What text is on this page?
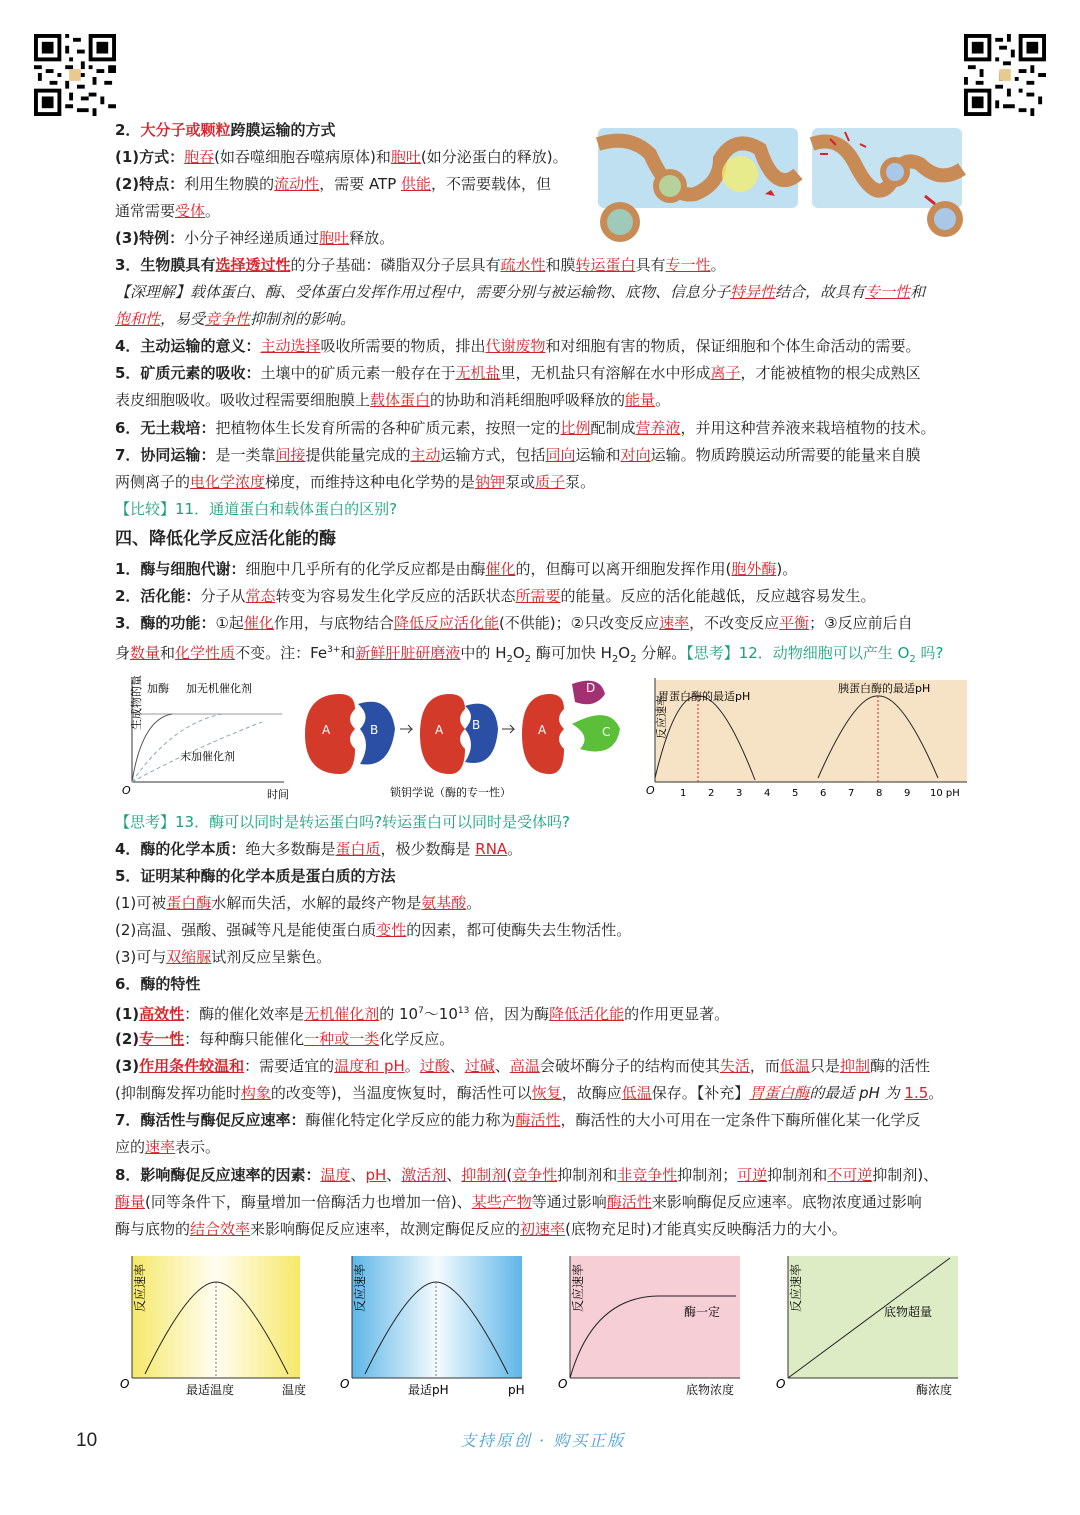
2．大分子或颗粒跨膜运输的方式
(1)方式：胞吞(如吞噬细胞吞噬病原体)和胞吐(如分泌蛋白的释放)。
(2)特点：利用生物膜的流动性，需要 ATP 供能，不需要载体，但
通常需要受体。
(3)特例：小分子神经递质通过胞吐释放。
3．生物膜具有选择透过性的分子基础：磷脂双分子层具有疏水性和膜转运蛋白具有专一性。
【深理解】载体蛋白、酶、受体蛋白发挥作用过程中，需要分别与被运输物、底物、信息分子特异性结合，故具有专一性和
饱和性，易受竞争性抑制剂的影响。
4．主动运输的意义：主动选择吸收所需要的物质，排出代谢废物和对细胞有害的物质，保证细胞和个体生命活动的需要。
5．矿质元素的吸收：土壤中的矿质元素一般存在于无机盐里，无机盐只有溶解在水中形成离子，才能被植物的根尖成熟区
表皮细胞吸收。吸收过程需要细胞膜上载体蛋白的协助和消耗细胞呼吸释放的能量。
6．无土栽培：把植物体生长发育所需的各种矿质元素，按照一定的比例配制成营养液，并用这种营养液来栽培植物的技术。
7．协同运输：是一类靠间接提供能量完成的主动运输方式，包括同向运输和对向运输。物质跨膜运动所需要的能量来自膜
两侧离子的电化学浓度梯度，而维持这种电化学势的是钠钾泵或质子泵。
【比较】11．通道蛋白和载体蛋白的区别?
四、降低化学反应活化能的酶
1．酶与细胞代谢：细胞中几乎所有的化学反应都是由酶催化的，但酶可以离开细胞发挥作用(胞外酶)。
2．活化能：分子从常态转变为容易发生化学反应的活跃状态所需要的能量。反应的活化能越低，反应越容易发生。
3．酶的功能：①起催化作用，与底物结合降低反应活化能(不供能)；②只改变反应速率，不改变反应平衡；③反应前后自
身数量和化学性质不变。注：$Fe^{3+}$和新鲜肝脏研磨液中的 $H_2O_2$ 酶可加快 $H_2O_2$ 分解。【思考】12．动物细胞可以产生 $O_2$ 吗?
生成物的量 加酶 加无机催化剂
未加催化剂
O	时间
A	B	A B	A
D
C
锁钥学说（酶的专一性）
反应速率
胃蛋白酶的最适pH
胰蛋白酶的最适pH
O	1 2 3 4 5 6 7 8 9 10 pH
【思考】13．酶可以同时是转运蛋白吗?转运蛋白可以同时是受体吗?
4．酶的化学本质：绝大多数酶是蛋白质，极少数酶是 RNA。
5．证明某种酶的化学本质是蛋白质的方法
(1)可被蛋白酶水解而失活，水解的最终产物是氨基酸。
(2)高温、强酸、强碱等凡是能使蛋白质变性的因素，都可使酶失去生物活性。
(3)可与双缩脲试剂反应呈紫色。
6．酶的特性
(1)高效性：酶的催化效率是无机催化剂的 $10^7\sim 10^{13}$ 倍，因为酶降低活化能的作用更显著。
(2)专一性：每种酶只能催化一种或一类化学反应。
(3)作用条件较温和：需要适宜的温度和 pH。过酸、过碱、高温会破坏酶分子的结构而使其失活，而低温只是抑制酶的活性
(抑制酶发挥功能时构象的改变等)，当温度恢复时，酶活性可以恢复，故酶应低温保存。【补充】胃蛋白酶的最适 pH 为 1.5。
7．酶活性与酶促反应速率：酶催化特定化学反应的能力称为酶活性，酶活性的大小可用在一定条件下酶所催化某一化学反
应的速率表示。
8．影响酶促反应速率的因素：温度、pH、激活剂、抑制剂(竞争性抑制剂和非竞争性抑制剂；可逆抑制剂和不可逆抑制剂)、
酶量(同等条件下，酶量增加一倍酶活力也增加一倍)、某些产物等通过影响酶活性来影响酶促反应速率。底物浓度通过影响
酶与底物的结合效率来影响酶促反应速率，故测定酶促反应的初速率(底物充足时)才能真实反映酶活力的大小。
反应速率
O	最适温度	温度
反应速率
O	最适pH	pH
反应速率
O
酶一定
底物浓度
反应速率
O
底物超量
酶浓度
10	支持原创 · 购买正版
